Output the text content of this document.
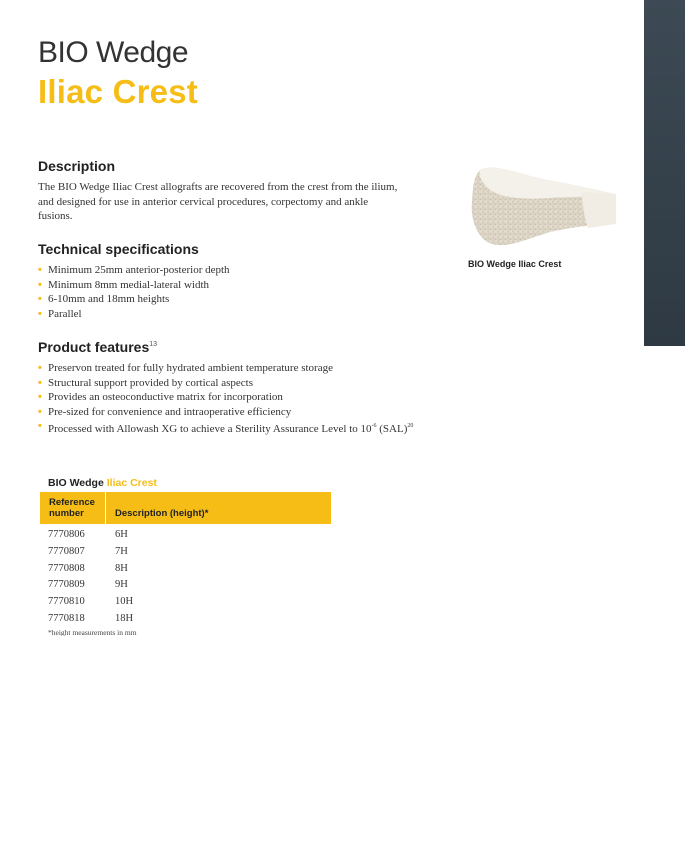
BIO Wedge
Iliac Crest
Description

The BIO Wedge Iliac Crest allografts are recovered from the crest from the ilium, and designed for use in anterior cervical procedures, corpectomy and ankle fusions.

Technical specifications
• Minimum 25mm anterior-posterior depth
• Minimum 8mm medial-lateral width
• 6-10mm and 18mm heights
• Parallel
Product features$^{13}$
• Preservon treated for fully hydrated ambient temperature storage
• Structural support provided by cortical aspects
• Provides an osteoconductive matrix for incorporation
• Pre-sized for convenience and intraoperative efficiency
• Processed with Allowash XG to achieve a Sterility Assurance Level to $10^{-6}$ (SAL)$^{20}$
BIO Wedge Iliac Crest
BIO Wedge Iliac Crest
Reference number	Description (height)*
7770806	6H
7770807	7H
7770808	8H
7770809	9H
7770810	10H
7770818	18H
*height measurements in mm
